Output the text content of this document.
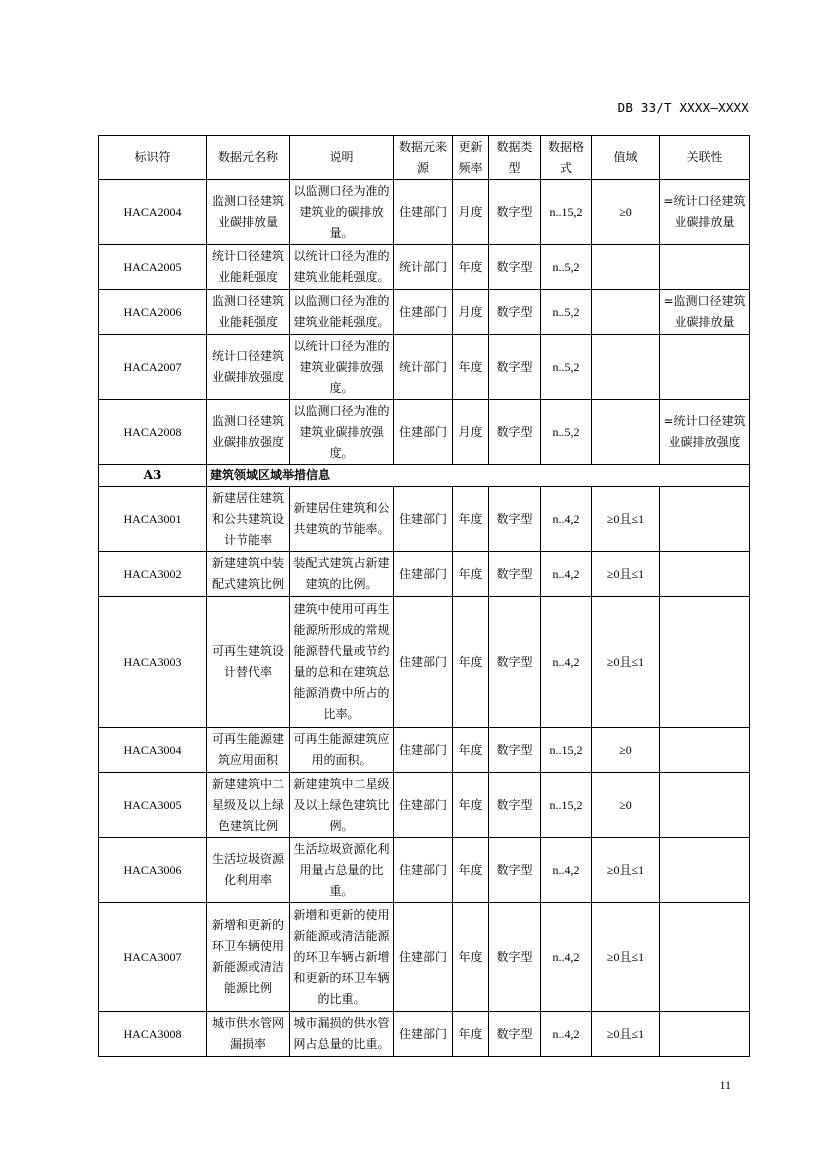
DB 33/T XXXX—XXXX
标识符	数据元名称	说明	数据元来源	更新频率	数据类型	数据格式	值域	关联性
HACA2004	监测口径建筑业碳排放量	以监测口径为准的建筑业的碳排放量。	住建部门	月度	数字型	n..15,2	≥0	=统计口径建筑业碳排放量
HACA2005	统计口径建筑业能耗强度	以统计口径为准的建筑业能耗强度。	统计部门	年度	数字型	n..5,2		
HACA2006	监测口径建筑业能耗强度	以监测口径为准的建筑业能耗强度。	住建部门	月度	数字型	n..5,2		=监测口径建筑业碳排放量
HACA2007	统计口径建筑业碳排放强度	以统计口径为准的建筑业碳排放强度。	统计部门	年度	数字型	n..5,2		
HACA2008	监测口径建筑业碳排放强度	以监测口径为准的建筑业碳排放强度。	住建部门	月度	数字型	n..5,2		=统计口径建筑业碳排放强度
A3	建筑领域区域举措信息							
HACA3001	新建居住建筑和公共建筑设计节能率	新建居住建筑和公共建筑的节能率。	住建部门	年度	数字型	n..4,2	≥0且≤1	
HACA3002	新建建筑中装配式建筑比例	装配式建筑占新建建筑的比例。	住建部门	年度	数字型	n..4,2	≥0且≤1	
HACA3003	可再生建筑设计替代率	建筑中使用可再生能源所形成的常规能源替代量或节约量的总和在建筑总能源消费中所占的比率。	住建部门	年度	数字型	n..4,2	≥0且≤1	
HACA3004	可再生能源建筑应用面积	可再生能源建筑应用的面积。	住建部门	年度	数字型	n..15,2	≥0	
HACA3005	新建建筑中二星级及以上绿色建筑比例	新建建筑中二星级及以上绿色建筑比例。	住建部门	年度	数字型	n..15,2	≥0	
HACA3006	生活垃圾资源化利用率	生活垃圾资源化利用量占总量的比重。	住建部门	年度	数字型	n..4,2	≥0且≤1	
HACA3007	新增和更新的环卫车辆使用新能源或清洁能源比例	新增和更新的使用新能源或清洁能源的环卫车辆占新增和更新的环卫车辆的比重。	住建部门	年度	数字型	n..4,2	≥0且≤1	
HACA3008	城市供水管网漏损率	城市漏损的供水管网占总量的比重。	住建部门	年度	数字型	n..4,2	≥0且≤1	
11
